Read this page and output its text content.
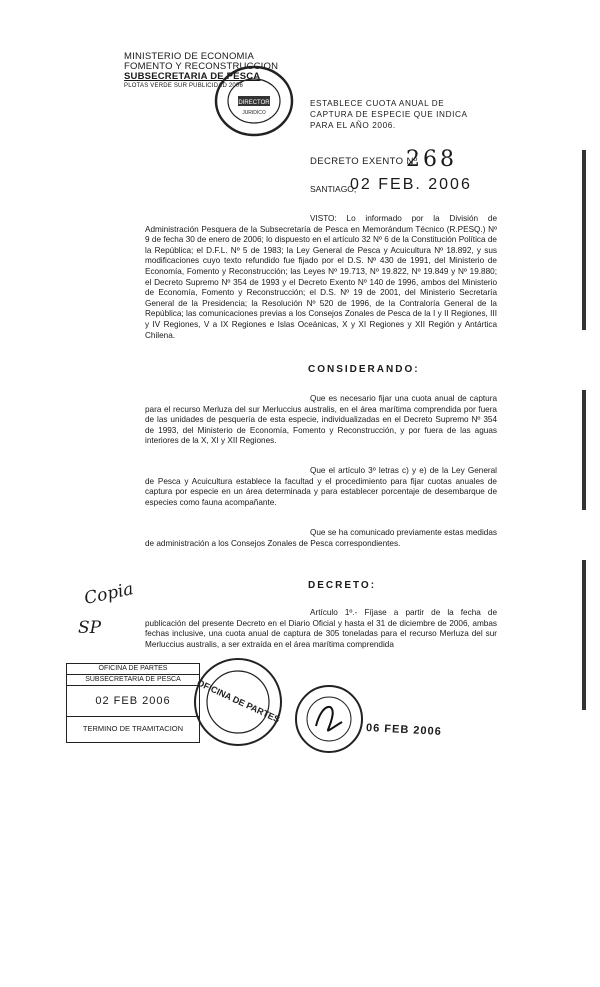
MINISTERIO DE ECONOMIA
FOMENTO Y RECONSTRUCCION
SUBSECRETARIA DE PESCA
PLOTAS VERDE SUR PUBLICIDAD 2006
DIRECTOR
JURIDICO
ESTABLECE CUOTA ANUAL DE CAPTURA DE ESPECIE QUE INDICA PARA EL AÑO 2006.
DECRETO EXENTO Nº
268
SANTIAGO,
02 FEB. 2006
VISTO: Lo informado por la División de Administración Pesquera de la Subsecretaría de Pesca en Memorándum Técnico (R.PESQ.) Nº 9 de fecha 30 de enero de 2006; lo dispuesto en el artículo 32 Nº 6 de la Constitución Política de la República; el D.F.L. Nº 5 de 1983; la Ley General de Pesca y Acuicultura Nº 18.892, y sus modificaciones cuyo texto refundido fue fijado por el D.S. Nº 430 de 1991, del Ministerio de Economía, Fomento y Reconstrucción; las Leyes Nº 19.713, Nº 19.822, Nº 19.849 y Nº 19.880; el Decreto Supremo Nº 354 de 1993 y el Decreto Exento Nº 140 de 1996, ambos del Ministerio de Economía, Fomento y Reconstrucción; el D.S. Nº 19 de 2001, del Ministerio Secretaría General de la Presidencia; la Resolución Nº 520 de 1996, de la Contraloría General de la República; las comunicaciones previas a los Consejos Zonales de Pesca de la I y II Regiones, III y IV Regiones, V a IX Regiones e Islas Oceánicas, X y XI Regiones y XII Región y Antártica Chilena.
CONSIDERANDO:
Que es necesario fijar una cuota anual de captura para el recurso Merluza del sur Merluccius australis, en el área marítima comprendida por fuera de las unidades de pesquería de esta especie, individualizadas en el Decreto Supremo Nº 354 de 1993, del Ministerio de Economía, Fomento y Reconstrucción, y por fuera de las aguas interiores de la X, XI y XII Regiones.
Que el artículo 3º letras c) y e) de la Ley General de Pesca y Acuicultura establece la facultad y el procedimiento para fijar cuotas anuales de captura por especie en un área determinada y para establecer porcentaje de desembarque de especies como fauna acompañante.
Que se ha comunicado previamente estas medidas de administración a los Consejos Zonales de Pesca correspondientes.
DECRETO:
Artículo 1º.- Fíjase a partir de la fecha de publicación del presente Decreto en el Diario Oficial y hasta el 31 de diciembre de 2006, ambas fechas inclusive, una cuota anual de captura de 305 toneladas para el recurso Merluza del sur Merluccius australis, a ser extraída en el área marítima comprendida
Copia
SP
OFICINA DE PARTES
SUBSECRETARIA DE PESCA
02 FEB 2006
TERMINO DE TRAMITACION
OFICINA DE PARTES
06 FEB 2006
